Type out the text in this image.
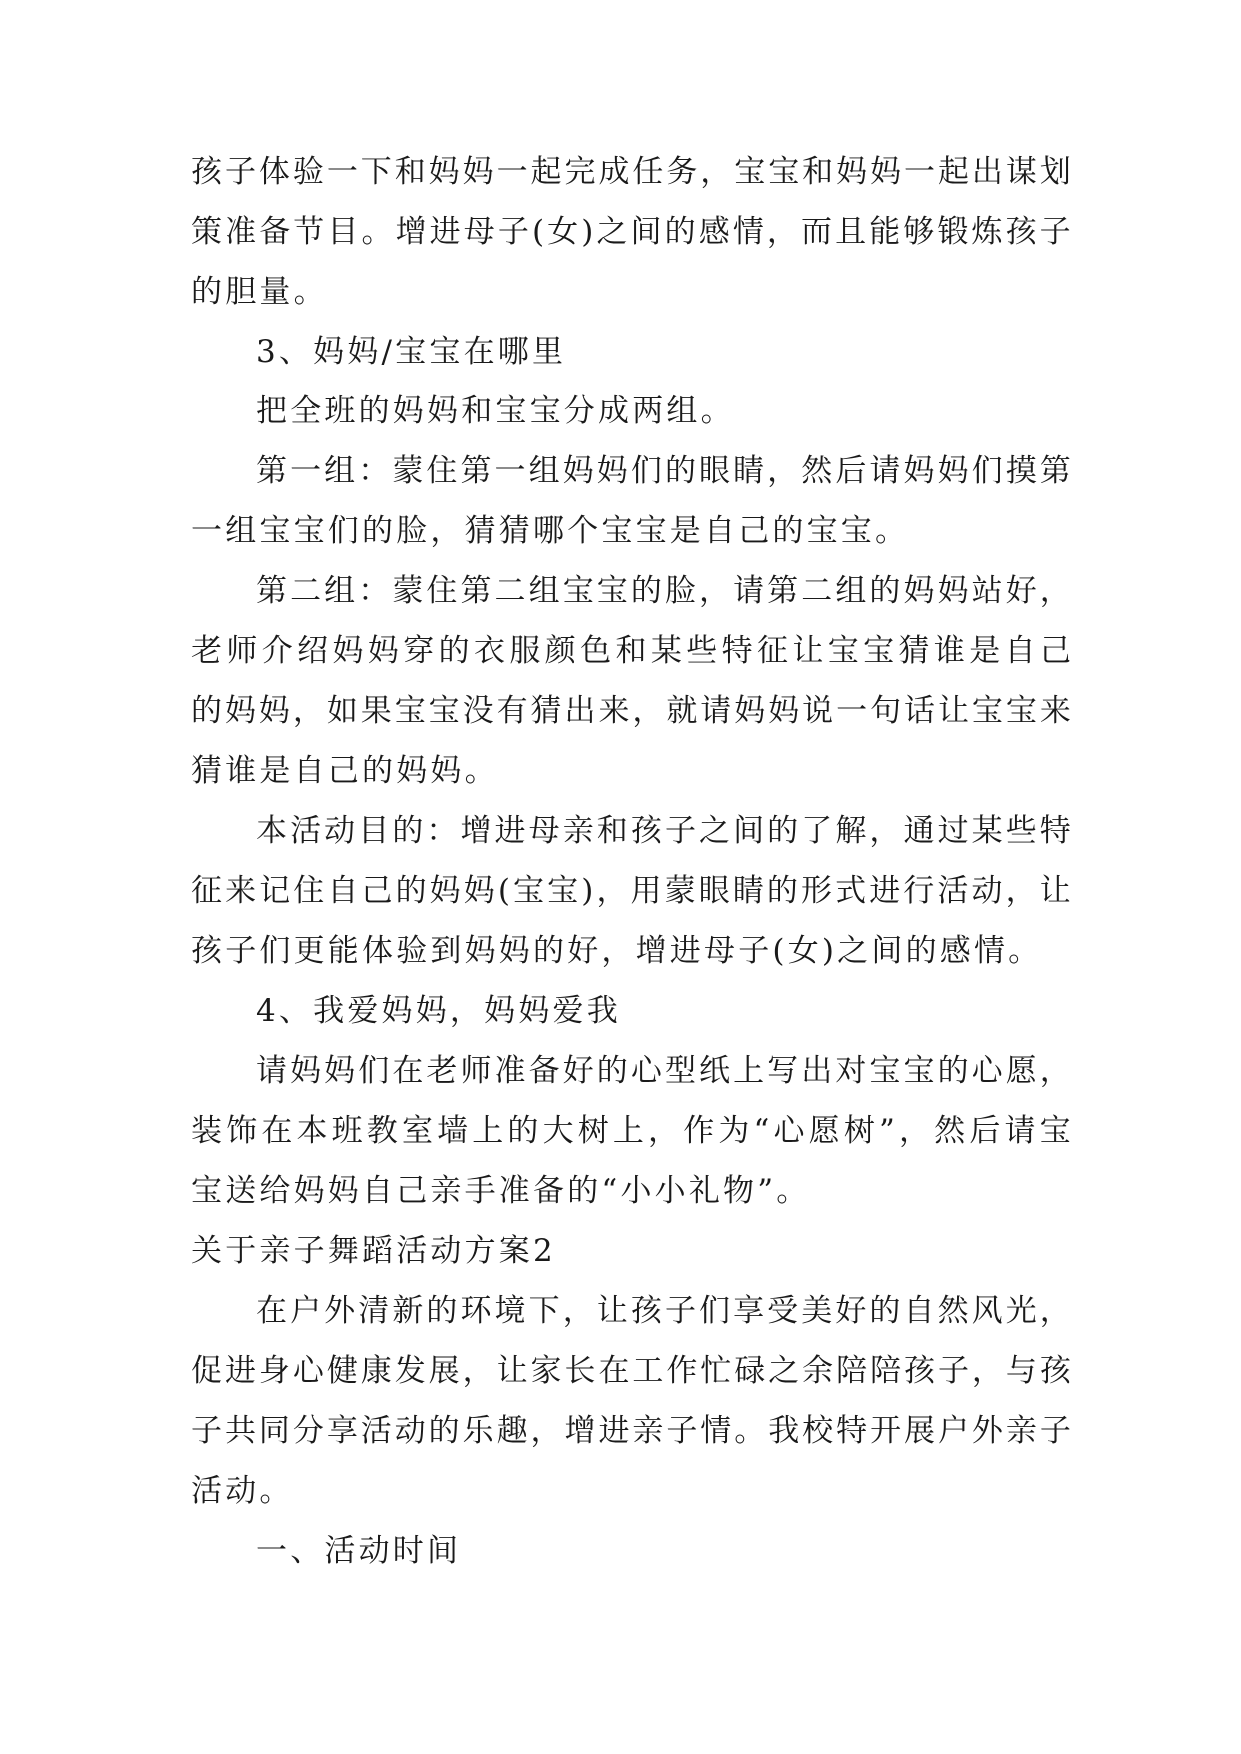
孩 子 体 验 一 下 和 妈 妈 一 起 完 成 任 务 ， 宝 宝 和 妈 妈 一 起 出 谋 划
策 准 备 节 目 。 增 进 母 子 ( 女 ) 之 间 的 感 情 ， 而 且 能 够 锻 炼 孩 子
的胆量。
3、妈妈/宝宝在哪里
把全班的妈妈和宝宝分成两组。
第 一 组 ： 蒙 住 第 一 组 妈 妈 们 的 眼 睛 ， 然 后 请 妈 妈 们 摸 第
一组宝宝们的脸，猜猜哪个宝宝是自己的宝宝。
第 二 组 ： 蒙 住 第 二 组 宝 宝 的 脸 ， 请 第 二 组 的 妈 妈 站 好 ，
老 师 介 绍 妈 妈 穿 的 衣 服 颜 色 和 某 些 特 征 让 宝 宝 猜 谁 是 自 己
的 妈 妈 ， 如 果 宝 宝 没 有 猜 出 来 ， 就 请 妈 妈 说 一 句 话 让 宝 宝 来
猜谁是自己的妈妈。
本 活 动 目 的 ： 增 进 母 亲 和 孩 子 之 间 的 了 解 ， 通 过 某 些 特
征 来 记 住 自 己 的 妈 妈 ( 宝 宝 ) ， 用 蒙 眼 睛 的 形 式 进 行 活 动 ， 让
孩子们更能体验到妈妈的好，增进母子(女)之间的感情。
4、我爱妈妈，妈妈爱我
请 妈 妈 们 在 老 师 准 备 好 的 心 型 纸 上 写 出 对 宝 宝 的 心 愿 ，
装 饰 在 本 班 教 室 墙 上 的 大 树 上 ， 作 为 “ 心 愿 树 ” ， 然 后 请 宝
宝送给妈妈自己亲手准备的“小小礼物”。
关于亲子舞蹈活动方案2
在 户 外 清 新 的 环 境 下 ， 让 孩 子 们 享 受 美 好 的 自 然 风 光 ，
促 进 身 心 健 康 发 展 ， 让 家 长 在 工 作 忙 碌 之 余 陪 陪 孩 子 ， 与 孩
子 共 同 分 享 活 动 的 乐 趣 ， 增 进 亲 子 情 。 我 校 特 开 展 户 外 亲 子
活动。
一、活动时间
